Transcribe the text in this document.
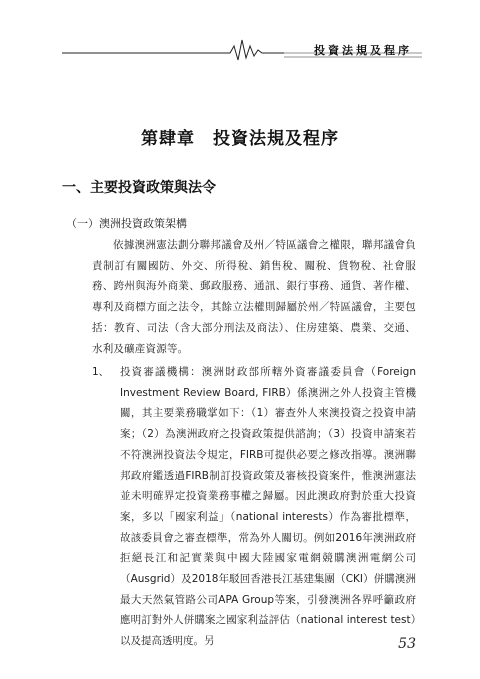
投資法規及程序
第肆章　投資法規及程序
一、主要投資政策與法令
（一）澳洲投資政策架構

依據澳洲憲法劃分聯邦議會及州／特區議會之權限，聯邦議會負責制訂有關國防、外交、所得稅、銷售稅、關稅、貨物稅、社會服務、跨州與海外商業、郵政服務、通訊、銀行事務、通貨、著作權、專利及商標方面之法令，其餘立法權則歸屬於州／特區議會，主要包括：教育、司法（含大部分刑法及商法）、住房建築、農業、交通、水利及礦產資源等。

1、	投資審議機構：澳洲財政部所轄外資審議委員會（Foreign Investment Review Board, FIRB）係澳洲之外人投資主管機關，其主要業務職掌如下：（1）審查外人來澳投資之投資申請案；（2）為澳洲政府之投資政策提供諮詢；（3）投資申請案若不符澳洲投資法令規定，FIRB可提供必要之修改指導。澳洲聯邦政府鑑透過FIRB制訂投資政策及審核投資案件，惟澳洲憲法並未明確界定投資業務事權之歸屬。因此澳政府對於重大投資案，多以「國家利益」（national interests）作為審批標準，故該委員會之審查標準，常為外人關切。例如2016年澳洲政府拒絕長江和記實業與中國大陸國家電網競購澳洲電網公司（Ausgrid）及2018年駁回香港長江基建集團（CKI）併購澳洲最大天然氣管路公司APA Group等案，引發澳洲各界呼籲政府應明訂對外人併購案之國家利益評估（national interest test）以及提高透明度。另	53
